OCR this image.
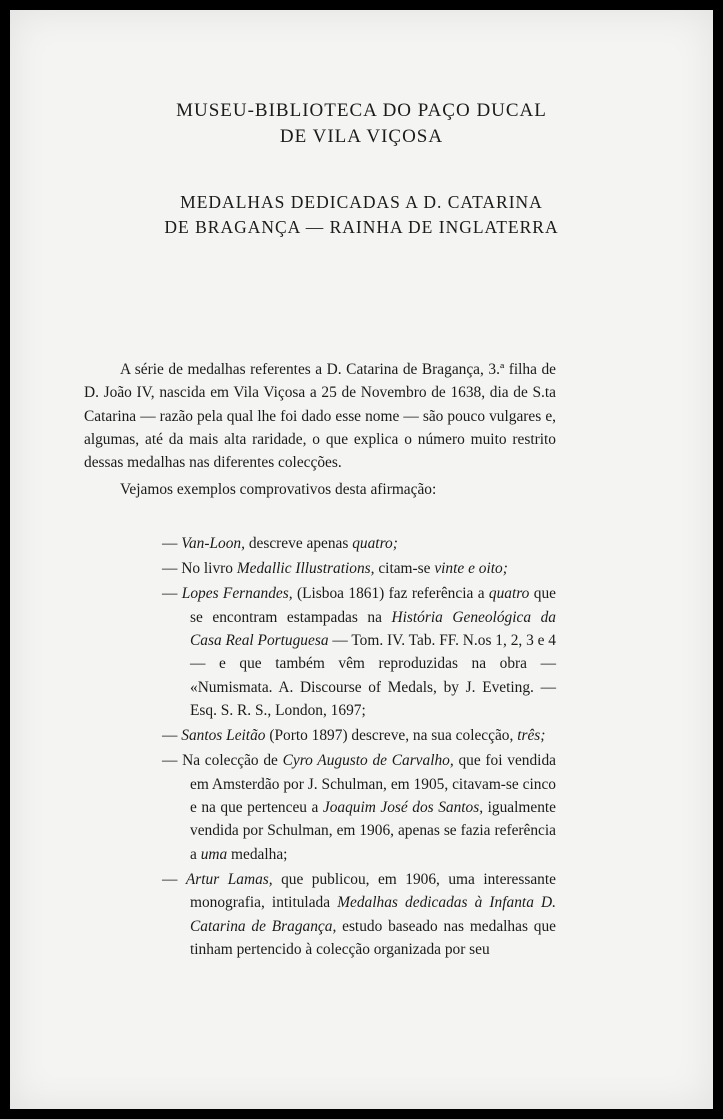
MUSEU-BIBLIOTECA DO PAÇO DUCAL
DE VILA VIÇOSA
MEDALHAS DEDICADAS A D. CATARINA
DE BRAGANÇA — RAINHA DE INGLATERRA

A série de medalhas referentes a D. Catarina de Bragança, 3.ª filha de D. João IV, nascida em Vila Viçosa a 25 de Novembro de 1638, dia de S.ta Catarina — razão pela qual lhe foi dado esse nome — são pouco vulgares e, algumas, até da mais alta raridade, o que explica o número muito restrito dessas medalhas nas diferentes colecções.

Vejamos exemplos comprovativos desta afirmação:

— Van-Loon, descreve apenas quatro;
— No livro Medallic Illustrations, citam-se vinte e oito;
— Lopes Fernandes, (Lisboa 1861) faz referência a quatro que se encontram estampadas na História Geneológica da Casa Real Portuguesa — Tom. IV. Tab. FF. N.os 1, 2, 3 e 4 — e que também vêm reproduzidas na obra — «Numismata. A. Discourse of Medals, by J. Eveting. — Esq. S. R. S., London, 1697;
— Santos Leitão (Porto 1897) descreve, na sua colecção, três;
— Na colecção de Cyro Augusto de Carvalho, que foi vendida em Amsterdão por J. Schulman, em 1905, citavam-se cinco e na que pertenceu a Joaquim José dos Santos, igualmente vendida por Schulman, em 1906, apenas se fazia referência a uma medalha;
— Artur Lamas, que publicou, em 1906, uma interessante monografia, intitulada Medalhas dedicadas à Infanta D. Catarina de Bragança, estudo baseado nas medalhas que tinham pertencido à colecção organizada por seu
